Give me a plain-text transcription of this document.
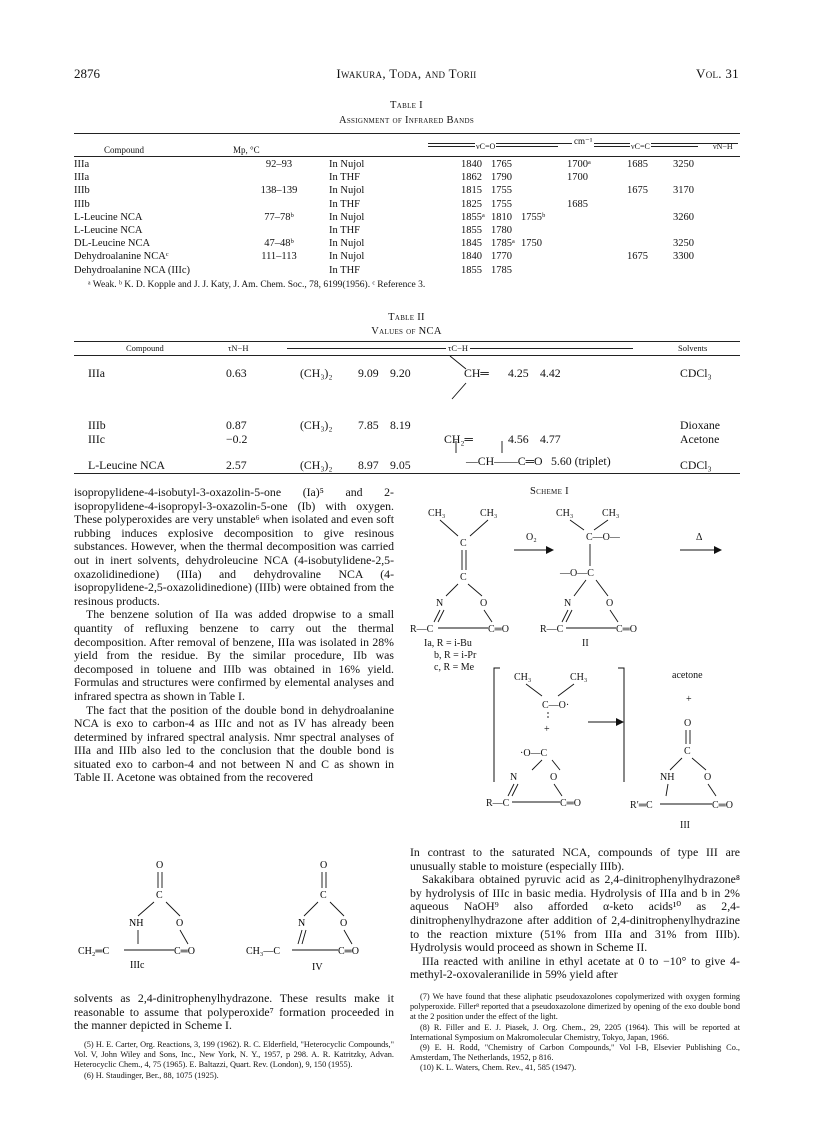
2876	Iwakura, Toda, and Torii	Vol. 31
Table I
Assignment of Infrared Bands
cm⁻¹
νC=O	νC=C	νN−H
Compound	Mp, °C
IIIa	92–93	In Nujol	1840	1765		1700ᵃ	1685	3250
IIIa		In THF	1862	1790		1700		
IIIb	138–139	In Nujol	1815	1755			1675	3170
IIIb		In THF	1825	1755		1685		
L-Leucine NCA	77–78ᵇ	In Nujol	1855ᵃ	1810	1755ᵇ			3260
L-Leucine NCA		In THF	1855	1780				
DL-Leucine NCA	47–48ᵇ	In Nujol	1845	1785ᵃ	1750			3250
Dehydroalanine NCAᶜ	111–113	In Nujol	1840	1770			1675	3300
Dehydroalanine NCA (IIIc)		In THF	1855	1785				
ᵃ Weak. ᵇ K. D. Kopple and J. J. Katy, J. Am. Chem. Soc., 78, 6199(1956). ᶜ Reference 3.
Table II
Values of NCA
Compound	τN−H	τC−H	Solvents
IIIa	0.63	(CH₃)₂ 9.09 9.20	CH═ 4.25 4.42	CDCl₃
IIIb	0.87	(CH₃)₂ 7.85 8.19	Dioxane
IIIc	−0.2	CH₂═	4.56 4.77	Acetone
L-Leucine NCA	2.57	(CH₃)₂ 8.97 9.05	CDCl₃
—CH——C═O 5.60 (triplet)

isopropylidene-4-isobutyl-3-oxazolin-5-one (Ia)⁵ and 2-isopropylidene-4-isopropyl-3-oxazolin-5-one (Ib) with oxygen. These polyperoxides are very unstable⁶ when isolated and even soft rubbing induces explosive decomposition to give resinous substances. However, when the thermal decomposition was carried out in inert solvents, dehydroleucine NCA (4-isobutylidene-2,5-oxazolidinedione) (IIIa) and dehydrovaline NCA (4-isopropylidene-2,5-oxazolidinedione) (IIIb) were obtained from the resinous products.

The benzene solution of IIa was added dropwise to a small quantity of refluxing benzene to carry out the thermal decomposition. After removal of benzene, IIIa was isolated in 28% yield from the residue. By the similar procedure, IIb was decomposed in toluene and IIIb was obtained in 16% yield. Formulas and structures were confirmed by elemental analyses and infrared spectra as shown in Table I.

The fact that the position of the double bond in dehydroalanine NCA is exo to carbon-4 as IIIc and not as IV has already been determined by infrared spectral analysis. Nmr spectral analyses of IIIa and IIIb also led to the conclusion that the double bond is situated exo to carbon-4 and not between N and C as shown in Table II. Acetone was obtained from the recovered

O
C
NH	O
CH₂═C	C═O
IIIc
O
C
N	O
CH₃—C	C═O
IV
solvents as 2,4-dinitrophenylhydrazone. These results make it reasonable to assume that polyperoxide⁷ formation proceeded in the manner depicted in Scheme I.
(5) H. E. Carter, Org. Reactions, 3, 199 (1962). R. C. Elderfield, "Heterocyclic Compounds," Vol. V, John Wiley and Sons, Inc., New York, N. Y., 1957, p 298. A. R. Katritzky, Advan. Heterocyclic Chem., 4, 75 (1965). E. Baltazzi, Quart. Rev. (London), 9, 150 (1955).
(6) H. Staudinger, Ber., 88, 1075 (1925).
Scheme I
CH₃	CH₃
C
C
N	O
R—C	C═O
Ia, R = i-Bu
b, R = i-Pr
c, R = Me
O₂
CH₃	CH₃
C—O—
—O—C
N	O
R—C	C═O
II
Δ
CH₃	CH₃
C—O·
+
·O—C
N	O
R—C	C═O
acetone
+
O
C
NH	O
R′═C	C═O
III

In contrast to the saturated NCA, compounds of type III are unusually stable to moisture (especially IIIb).

Sakakibara obtained pyruvic acid as 2,4-dinitrophenylhydrazone⁸ by hydrolysis of IIIc in basic media. Hydrolysis of IIIa and b in 2% aqueous NaOH⁹ also afforded α-keto acids¹⁰ as 2,4-dinitrophenylhydrazone after addition of 2,4-dinitrophenylhydrazine to the reaction mixture (51% from IIIa and 31% from IIIb). Hydrolysis would proceed as shown in Scheme II.

IIIa reacted with aniline in ethyl acetate at 0 to −10° to give 4-methyl-2-oxovaleranilide in 59% yield after

(7) We have found that these aliphatic pseudoxazolones copolymerized with oxygen forming polyperoxide. Filler⁸ reported that a pseudoxazolone dimerized by opening of the exo double bond at the 2 position under the effect of the light.
(8) R. Filler and E. J. Piasek, J. Org. Chem., 29, 2205 (1964). This will be reported at International Symposium on Makromolecular Chemistry, Tokyo, Japan, 1966.
(9) E. H. Rodd, "Chemistry of Carbon Compounds," Vol I-B, Elsevier Publishing Co., Amsterdam, The Netherlands, 1952, p 816.
(10) K. L. Waters, Chem. Rev., 41, 585 (1947).
